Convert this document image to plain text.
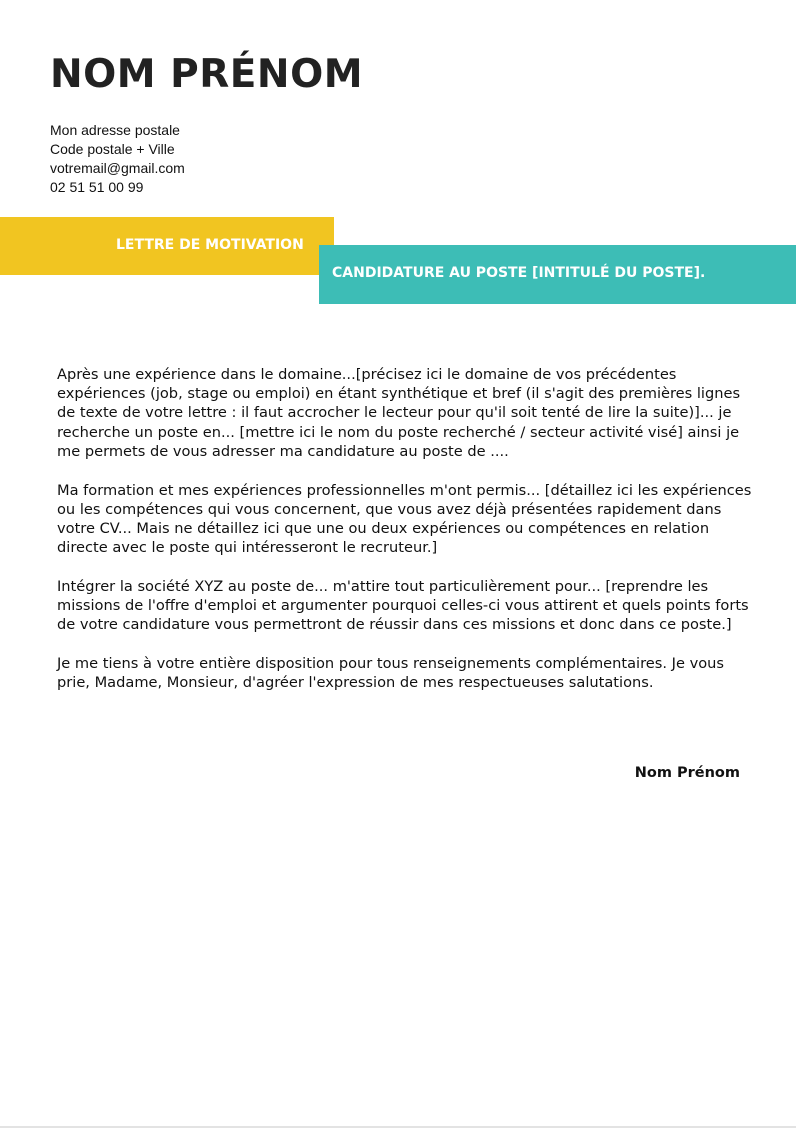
NOM PRÉNOM
Mon adresse postale
Code postale + Ville
votremail@gmail.com
02 51 51 00 99
LETTRE DE MOTIVATION
CANDIDATURE AU POSTE [INTITULÉ DU POSTE].

Après une expérience dans le domaine...[précisez ici le domaine de vos précédentes expériences (job, stage ou emploi) en étant synthétique et bref (il s'agit des premières lignes de texte de votre lettre : il faut accrocher le lecteur pour qu'il soit tenté de lire la suite)]... je recherche un poste en... [mettre ici le nom du poste recherché / secteur activité visé] ainsi je me permets de vous adresser ma candidature au poste de ....

Ma formation et mes expériences professionnelles m'ont permis... [détaillez ici les expériences ou les compétences qui vous concernent, que vous avez déjà présentées rapidement dans votre CV... Mais ne détaillez ici que une ou deux expériences ou compétences en relation directe avec le poste qui intéresseront le recruteur.]

Intégrer la société XYZ au poste de... m'attire tout particulièrement pour... [reprendre les missions de l'offre d'emploi et argumenter pourquoi celles-ci vous attirent et quels points forts de votre candidature vous permettront de réussir dans ces missions et donc dans ce poste.]

Je me tiens à votre entière disposition pour tous renseignements complémentaires. Je vous prie, Madame, Monsieur, d'agréer l'expression de mes respectueuses salutations.

Nom Prénom
